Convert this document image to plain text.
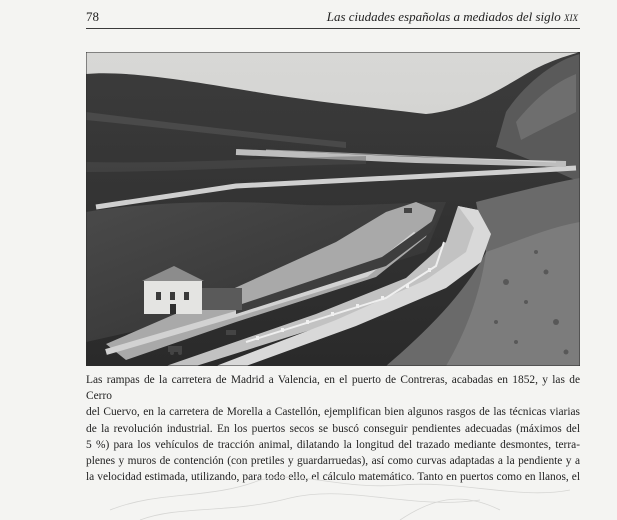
78	Las ciudades españolas a mediados del siglo xix
Las rampas de la carretera de Madrid a Valencia, en el puerto de Contreras, acabadas en 1852, y las de Cerro
del Cuervo, en la carretera de Morella a Castellón, ejemplifican bien algunos rasgos de las técnicas viarias
de la revolución industrial. En los puertos secos se buscó conseguir pendientes adecuadas (máximos del
5 %) para los vehículos de tracción animal, dilatando la longitud del trazado mediante desmontes, terra-
plenes y muros de contención (con pretiles y guardarruedas), así como curvas adaptadas a la pendiente y a
la velocidad estimada, utilizando, para todo ello, el cálculo matemático. Tanto en puertos como en llanos, el
